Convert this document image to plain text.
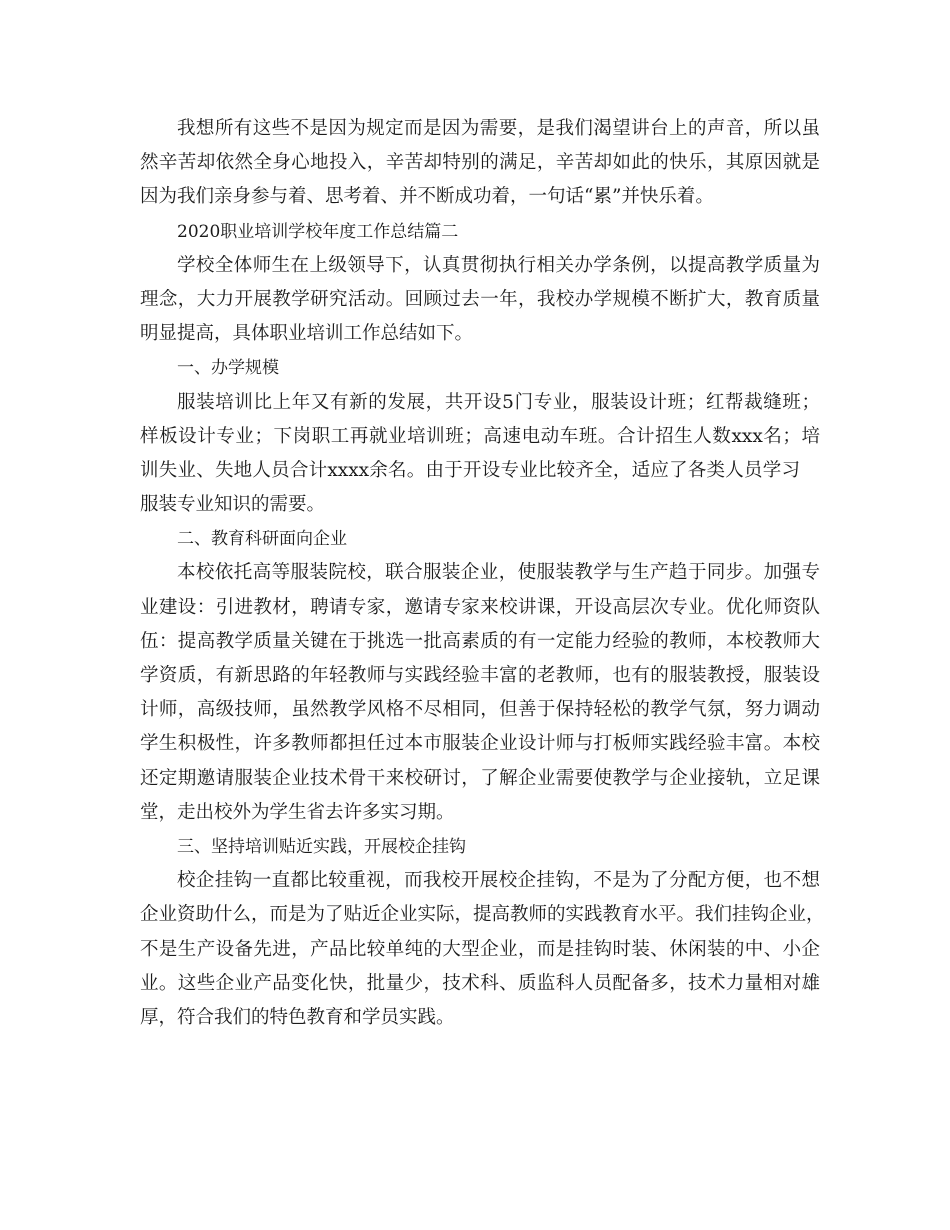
我想所有这些不是因为规定而是因为需要，是我们渴望讲台上的声音，所以虽
然辛苦却依然全身心地投入，辛苦却特别的满足，辛苦却如此的快乐，其原因就是
因为我们亲身参与着、思考着、并不断成功着，一句话“累”并快乐着。
2020职业培训学校年度工作总结篇二
学校全体师生在上级领导下，认真贯彻执行相关办学条例，以提高教学质量为
理念，大力开展教学研究活动。回顾过去一年，我校办学规模不断扩大，教育质量
明显提高，具体职业培训工作总结如下。
一、办学规模
服装培训比上年又有新的发展，共开设5门专业，服装设计班；红帮裁缝班；
样板设计专业；下岗职工再就业培训班；高速电动车班。合计招生人数xxx名；培
训失业、失地人员合计xxxx余名。由于开设专业比较齐全，适应了各类人员学习
服装专业知识的需要。
二、教育科研面向企业
本校依托高等服装院校，联合服装企业，使服装教学与生产趋于同步。加强专
业建设：引进教材，聘请专家，邀请专家来校讲课，开设高层次专业。优化师资队
伍：提高教学质量关键在于挑选一批高素质的有一定能力经验的教师，本校教师大
学资质，有新思路的年轻教师与实践经验丰富的老教师，也有的服装教授，服装设
计师，高级技师，虽然教学风格不尽相同，但善于保持轻松的教学气氛，努力调动
学生积极性，许多教师都担任过本市服装企业设计师与打板师实践经验丰富。本校
还定期邀请服装企业技术骨干来校研讨，了解企业需要使教学与企业接轨，立足课
堂，走出校外为学生省去许多实习期。
三、坚持培训贴近实践，开展校企挂钩
校企挂钩一直都比较重视，而我校开展校企挂钩，不是为了分配方便，也不想
企业资助什么，而是为了贴近企业实际，提高教师的实践教育水平。我们挂钩企业，
不是生产设备先进，产品比较单纯的大型企业，而是挂钩时装、休闲装的中、小企
业。这些企业产品变化快，批量少，技术科、质监科人员配备多，技术力量相对雄
厚，符合我们的特色教育和学员实践。
